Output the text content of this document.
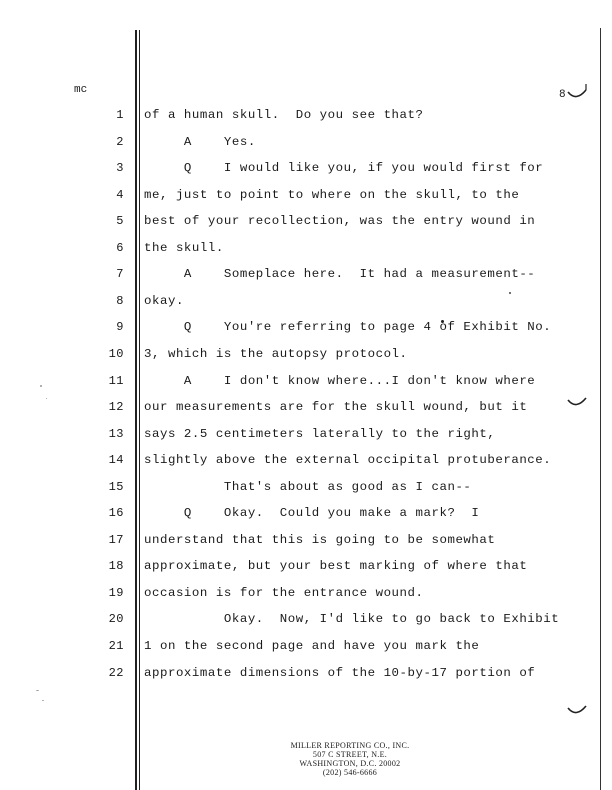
mc	8
1 of a human skull.  Do you see that?
2 A    Yes.
3 Q    I would like you, if you would first for
4 me, just to point to where on the skull, to the
5 best of your recollection, was the entry wound in
6 the skull.
7 A    Someplace here.  It had a measurement--
8 okay.
9 Q    You're referring to page 4 of Exhibit No.
10 3, which is the autopsy protocol.
11 A    I don't know where...I don't know where
12 our measurements are for the skull wound, but it
13 says 2.5 centimeters laterally to the right,
14 slightly above the external occipital protuberance.
15 That's about as good as I can--
16 Q    Okay.  Could you make a mark?  I
17 understand that this is going to be somewhat
18 approximate, but your best marking of where that
19 occasion is for the entrance wound.
20 Okay.  Now, I'd like to go back to Exhibit
21 1 on the second page and have you mark the
22 approximate dimensions of the 10-by-17 portion of
MILLER REPORTING CO., INC.
507 C STREET, N.E.
WASHINGTON, D.C. 20002
(202) 546-6666
